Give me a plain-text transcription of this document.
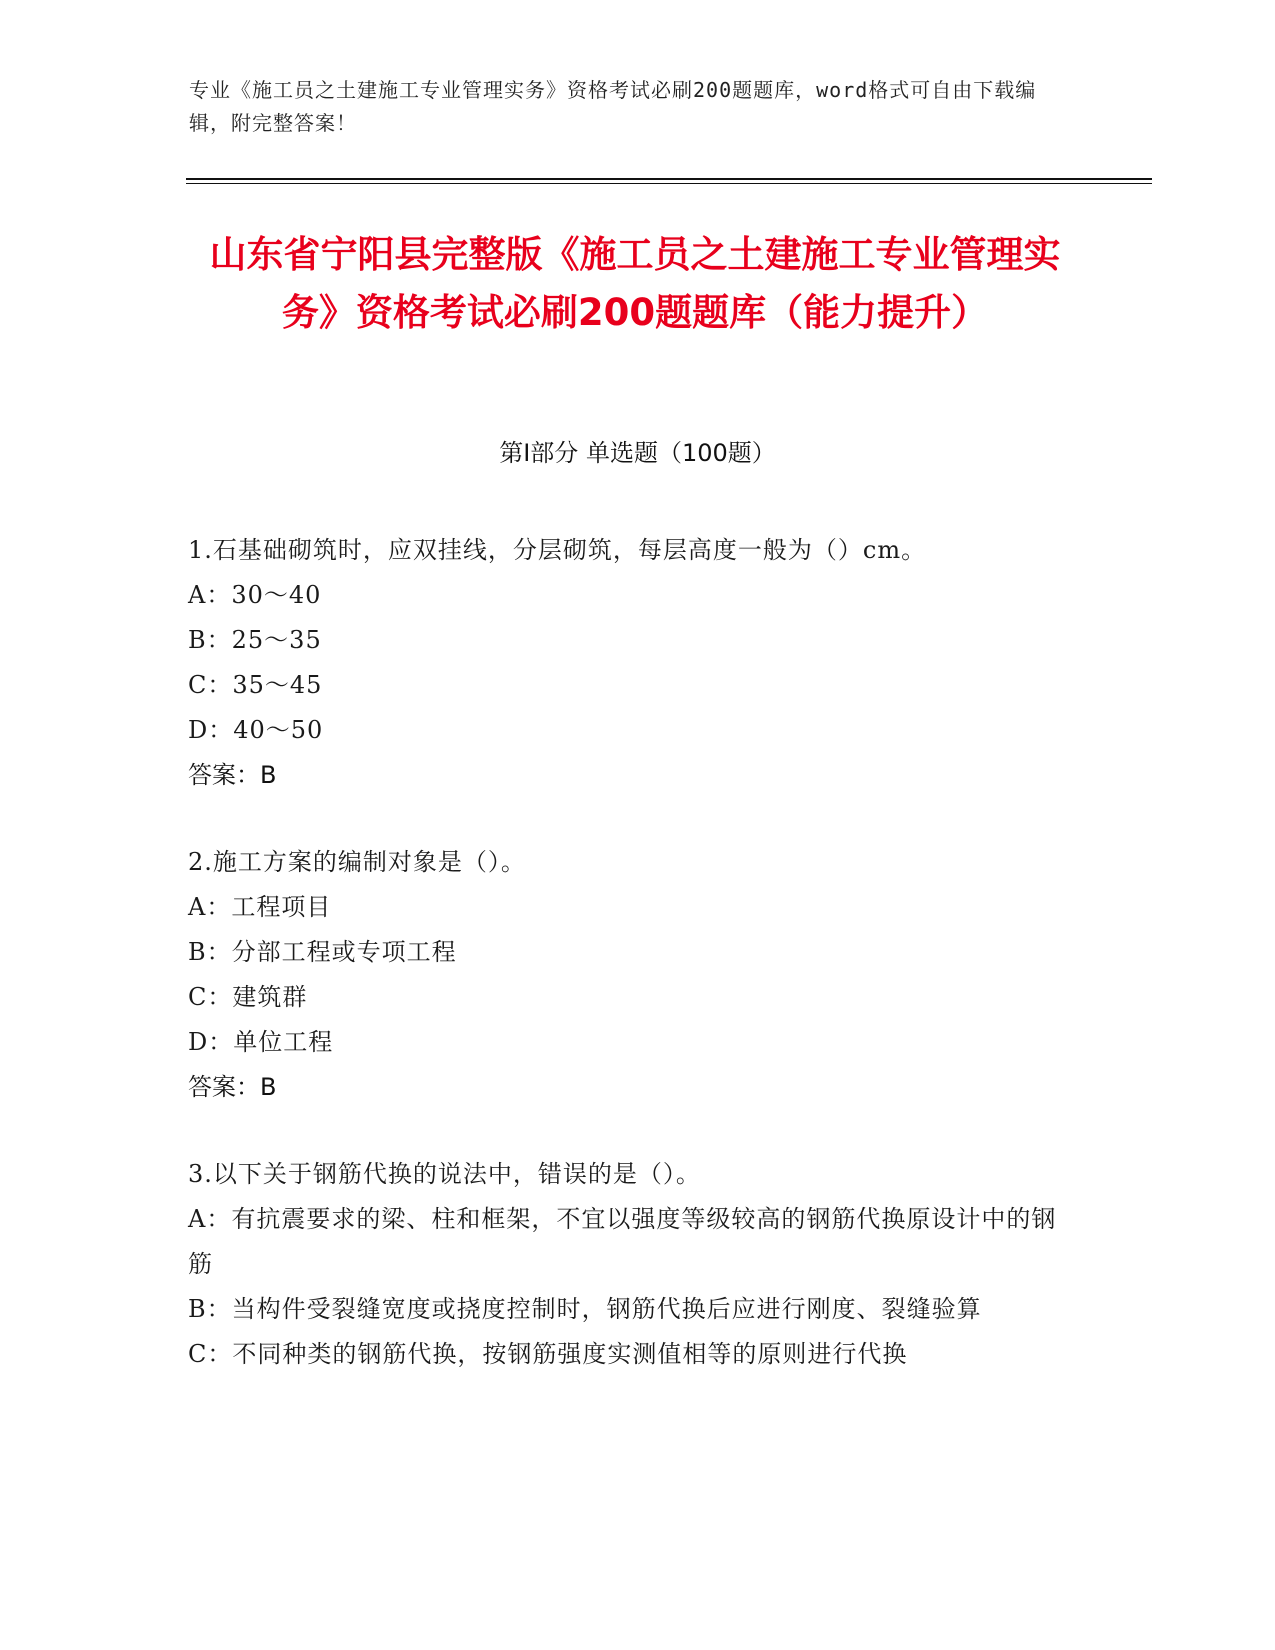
专业《施工员之土建施工专业管理实务》资格考试必刷200题题库，word格式可自由下载编辑，附完整答案！
山东省宁阳县完整版《施工员之土建施工专业管理实务》资格考试必刷200题题库（能力提升）
第I部分 单选题（100题）
1.石基础砌筑时，应双挂线，分层砌筑，每层高度一般为（）cm。
A：30～40
B：25～35
C：35～45
D：40～50
答案：B
2.施工方案的编制对象是（）。
A：工程项目
B：分部工程或专项工程
C：建筑群
D：单位工程
答案：B
3.以下关于钢筋代换的说法中，错误的是（）。
A：有抗震要求的梁、柱和框架，不宜以强度等级较高的钢筋代换原设计中的钢筋
B：当构件受裂缝宽度或挠度控制时，钢筋代换后应进行刚度、裂缝验算
C：不同种类的钢筋代换，按钢筋强度实测值相等的原则进行代换
